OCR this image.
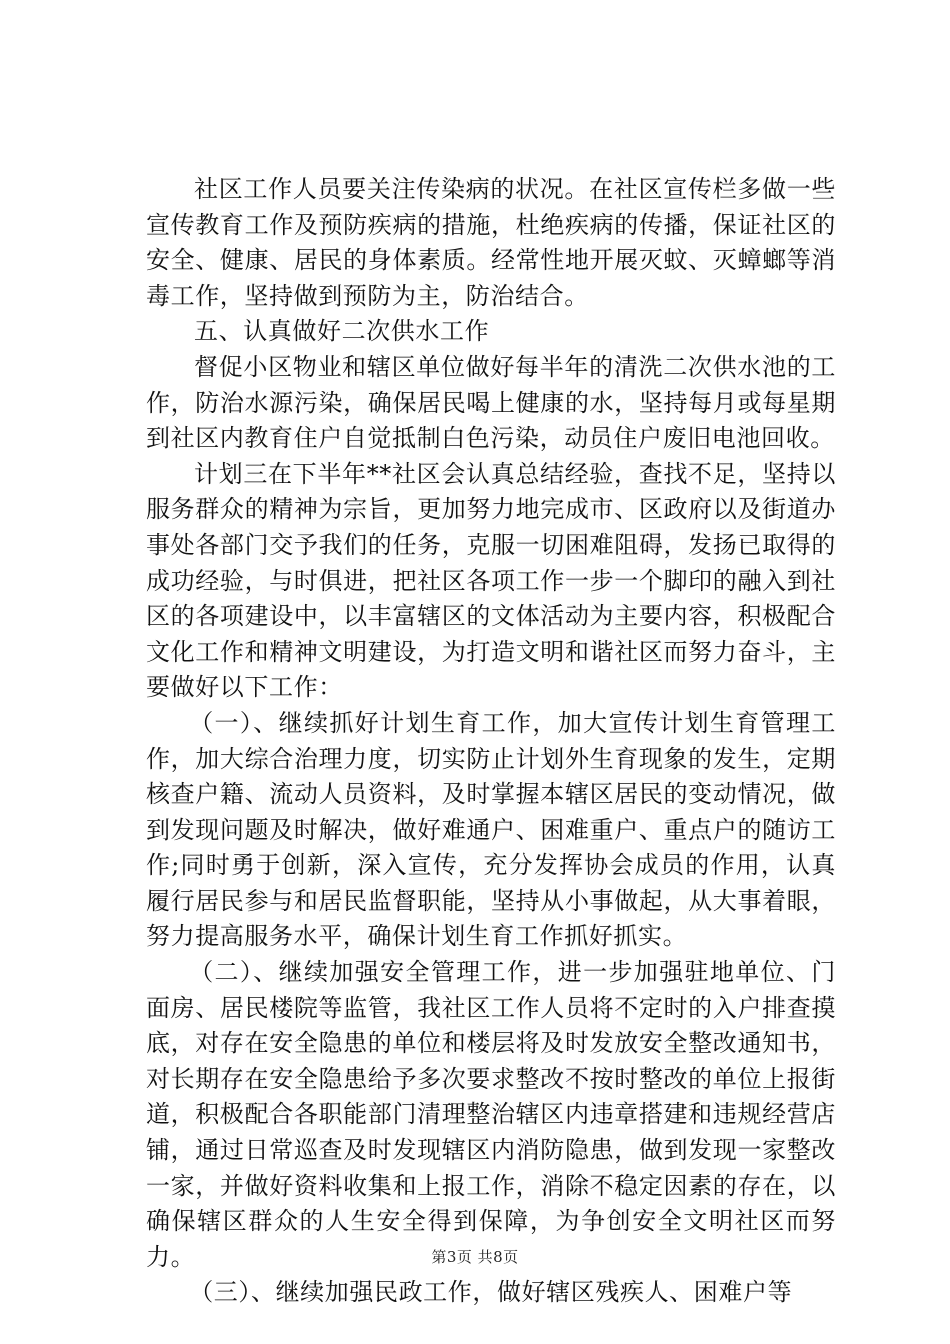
社区工作人员要关注传染病的状况。在社区宣传栏多做一些宣传教育工作及预防疾病的措施，杜绝疾病的传播，保证社区的安全、健康、居民的身体素质。经常性地开展灭蚊、灭蟑螂等消毒工作，坚持做到预防为主，防治结合。

五、认真做好二次供水工作

督促小区物业和辖区单位做好每半年的清洗二次供水池的工作，防治水源污染，确保居民喝上健康的水，坚持每月或每星期到社区内教育住户自觉抵制白色污染，动员住户废旧电池回收。

计划三在下半年**社区会认真总结经验，查找不足，坚持以服务群众的精神为宗旨，更加努力地完成市、区政府以及街道办事处各部门交予我们的任务，克服一切困难阻碍，发扬已取得的成功经验，与时俱进，把社区各项工作一步一个脚印的融入到社区的各项建设中，以丰富辖区的文体活动为主要内容，积极配合文化工作和精神文明建设，为打造文明和谐社区而努力奋斗，主要做好以下工作：

（一）、继续抓好计划生育工作，加大宣传计划生育管理工作，加大综合治理力度，切实防止计划外生育现象的发生，定期核查户籍、流动人员资料，及时掌握本辖区居民的变动情况，做到发现问题及时解决，做好难通户、困难重户、重点户的随访工作;同时勇于创新，深入宣传，充分发挥协会成员的作用，认真履行居民参与和居民监督职能，坚持从小事做起，从大事着眼，努力提高服务水平，确保计划生育工作抓好抓实。

（二）、继续加强安全管理工作，进一步加强驻地单位、门面房、居民楼院等监管，我社区工作人员将不定时的入户排查摸底，对存在安全隐患的单位和楼层将及时发放安全整改通知书，对长期存在安全隐患给予多次要求整改不按时整改的单位上报街道，积极配合各职能部门清理整治辖区内违章搭建和违规经营店铺，通过日常巡查及时发现辖区内消防隐患，做到发现一家整改一家，并做好资料收集和上报工作，消除不稳定因素的存在，以确保辖区群众的人生安全得到保障，为争创安全文明社区而努力。

（三）、继续加强民政工作，做好辖区残疾人、困难户等

第3页 共8页
